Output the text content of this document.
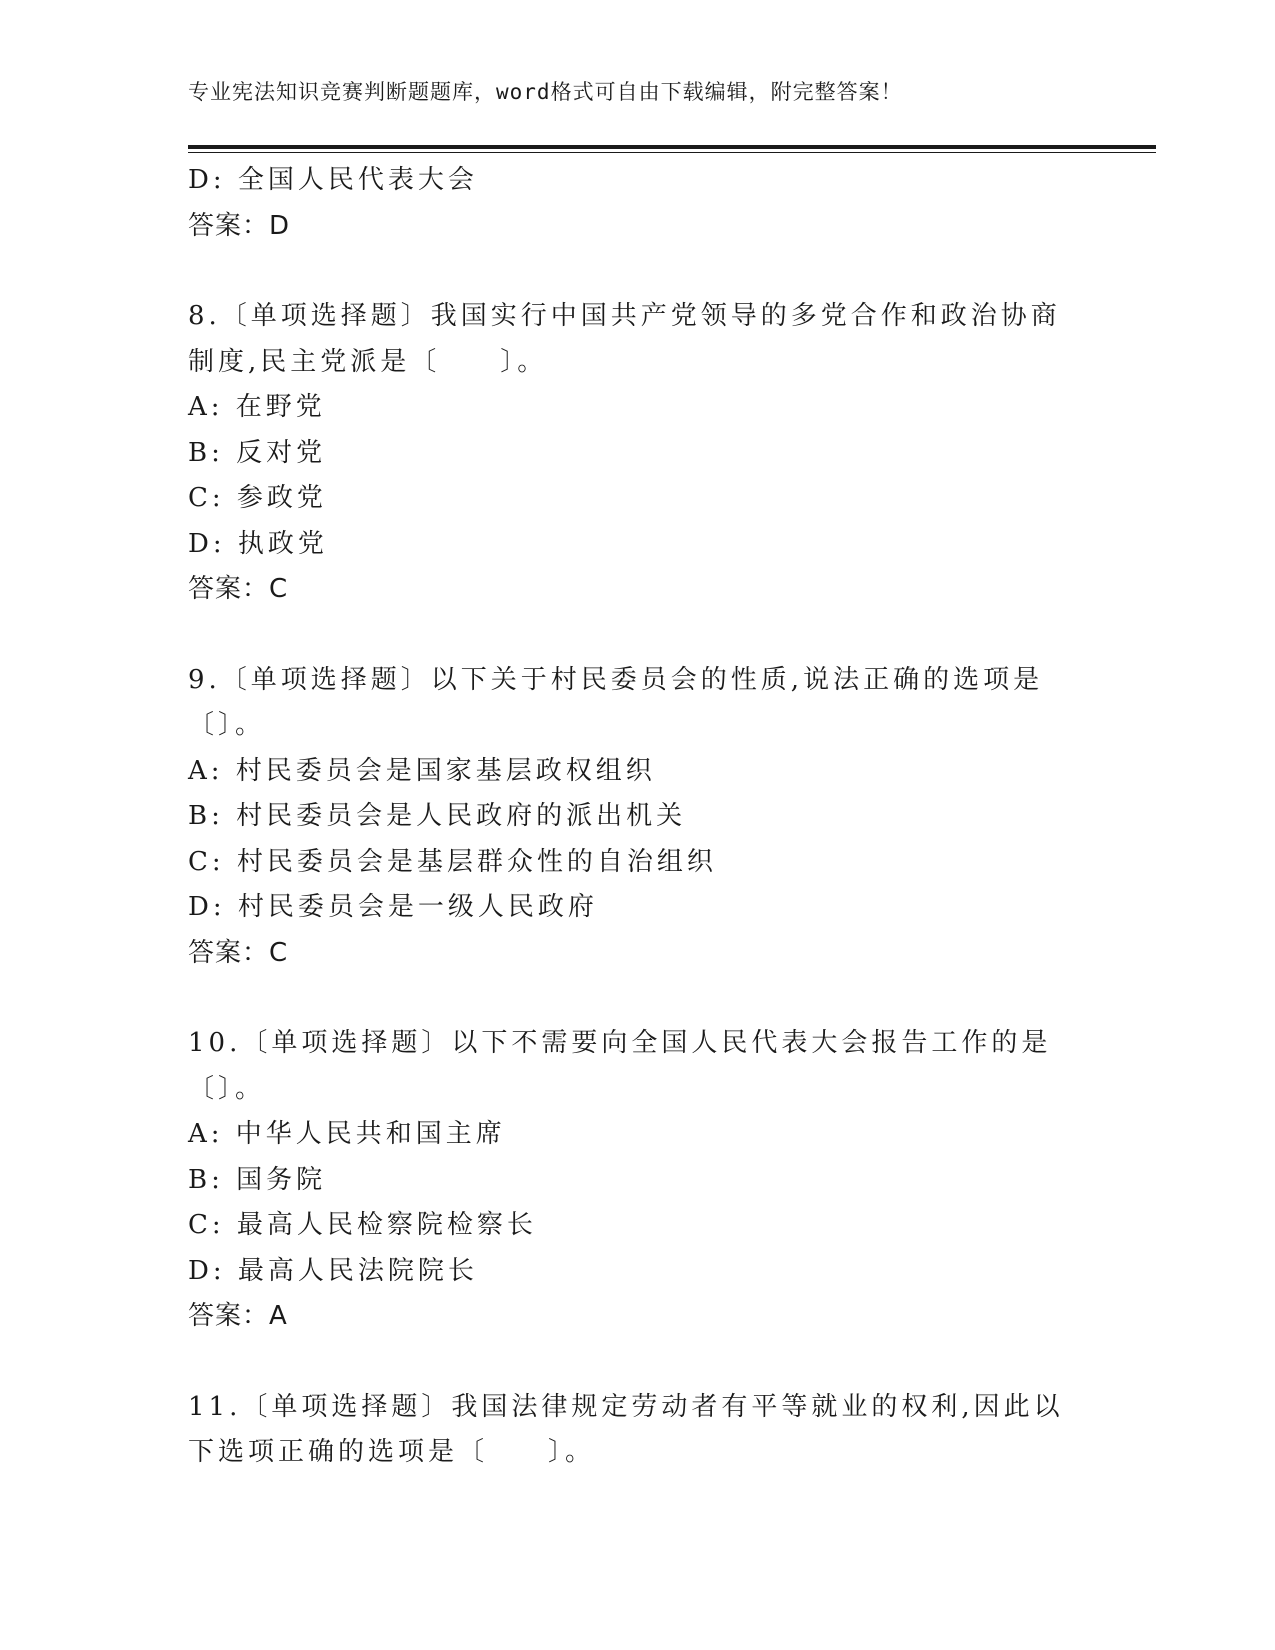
专业宪法知识竞赛判断题题库，word格式可自由下载编辑，附完整答案！
D: 全国人民代表大会
答案：D
8.〔单项选择题〕我国实行中国共产党领导的多党合作和政治协商制度,民主党派是〔　　〕。
A: 在野党
B: 反对党
C: 参政党
D: 执政党
答案：C
9.〔单项选择题〕以下关于村民委员会的性质,说法正确的选项是〔〕。
A: 村民委员会是国家基层政权组织
B: 村民委员会是人民政府的派出机关
C: 村民委员会是基层群众性的自治组织
D: 村民委员会是一级人民政府
答案：C
10.〔单项选择题〕以下不需要向全国人民代表大会报告工作的是〔〕。
A: 中华人民共和国主席
B: 国务院
C: 最高人民检察院检察长
D: 最高人民法院院长
答案：A
11.〔单项选择题〕我国法律规定劳动者有平等就业的权利,因此以下选项正确的选项是〔　　〕。
